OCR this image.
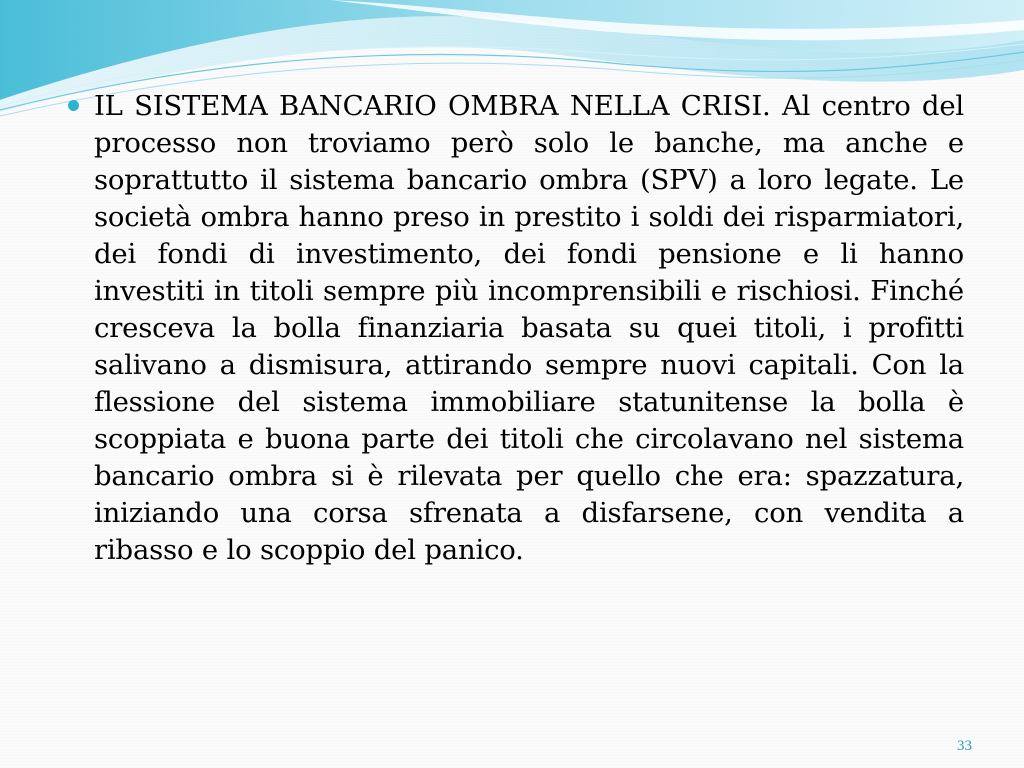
IL SISTEMA BANCARIO OMBRA NELLA CRISI. Al centro del processo non troviamo però solo le banche, ma anche e soprattutto il sistema bancario ombra (SPV) a loro legate. Le società ombra hanno preso in prestito i soldi dei risparmiatori, dei fondi di investimento, dei fondi pensione e li hanno investiti in titoli sempre più incomprensibili e rischiosi. Finché cresceva la bolla finanziaria basata su quei titoli, i profitti salivano a dismisura, attirando sempre nuovi capitali. Con la flessione del sistema immobiliare statunitense la bolla è scoppiata e buona parte dei titoli che circolavano nel sistema bancario ombra si è rilevata per quello che era: spazzatura, iniziando una corsa sfrenata a disfarsene, con vendita a ribasso e lo scoppio del panico.

33
